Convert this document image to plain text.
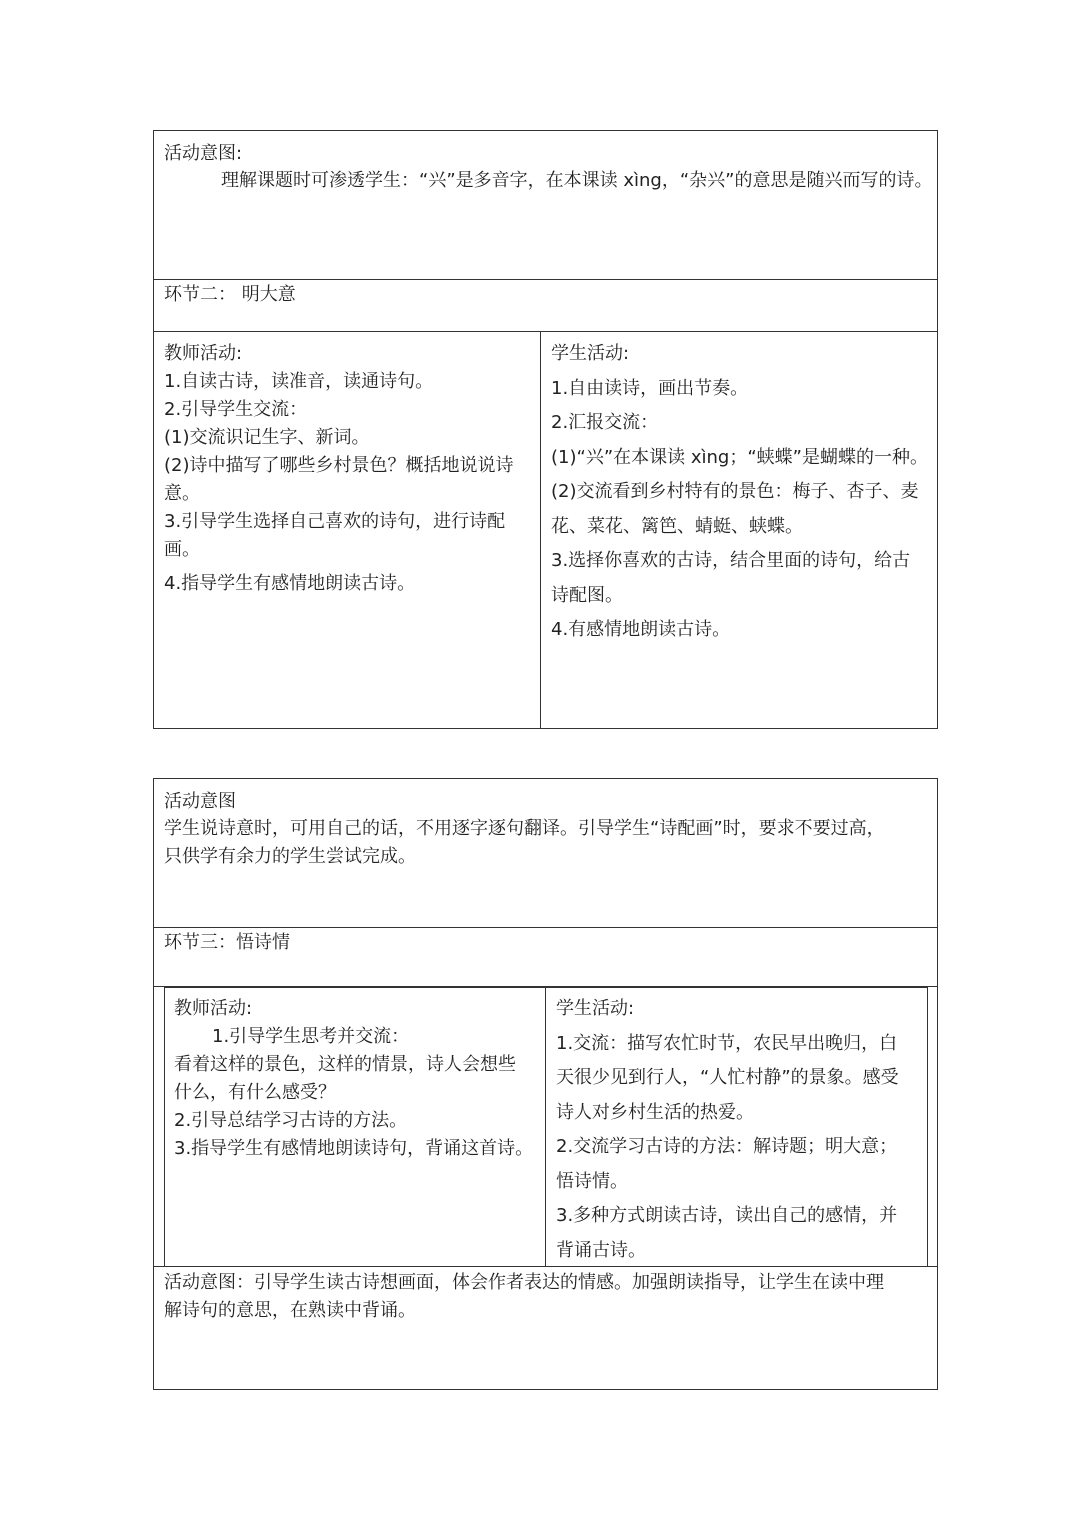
活动意图:
理解课题时可渗透学生：“兴”是多音字，在本课读 xìng，“杂兴”的意思是随兴而写的诗。
环节二： 明大意
教师活动:
1.自读古诗，读准音，读通诗句。
2.引导学生交流：
(1)交流识记生字、新词。
(2)诗中描写了哪些乡村景色？概括地说说诗
意。
3.引导学生选择自己喜欢的诗句，进行诗配
画。
4.指导学生有感情地朗读古诗。
学生活动:
1.自由读诗，画出节奏。
2.汇报交流：
(1)“兴”在本课读 xìng；“蛱蝶”是蝴蝶的一种。
(2)交流看到乡村特有的景色：梅子、杏子、麦
花、菜花、篱笆、蜻蜓、蛱蝶。
3.选择你喜欢的古诗，结合里面的诗句，给古
诗配图。
4.有感情地朗读古诗。
活动意图
学生说诗意时，可用自己的话，不用逐字逐句翻译。引导学生“诗配画”时，要求不要过高，
只供学有余力的学生尝试完成。
环节三：悟诗情
教师活动:
1.引导学生思考并交流：
看着这样的景色，这样的情景，诗人会想些
什么，有什么感受？
2.引导总结学习古诗的方法。
3.指导学生有感情地朗读诗句，背诵这首诗。
学生活动:
1.交流：描写农忙时节，农民早出晚归，白
天很少见到行人，“人忙村静”的景象。感受
诗人对乡村生活的热爱。
2.交流学习古诗的方法：解诗题；明大意；
悟诗情。
3.多种方式朗读古诗，读出自己的感情，并
背诵古诗。
活动意图：引导学生读古诗想画面，体会作者表达的情感。加强朗读指导，让学生在读中理
解诗句的意思，在熟读中背诵。
